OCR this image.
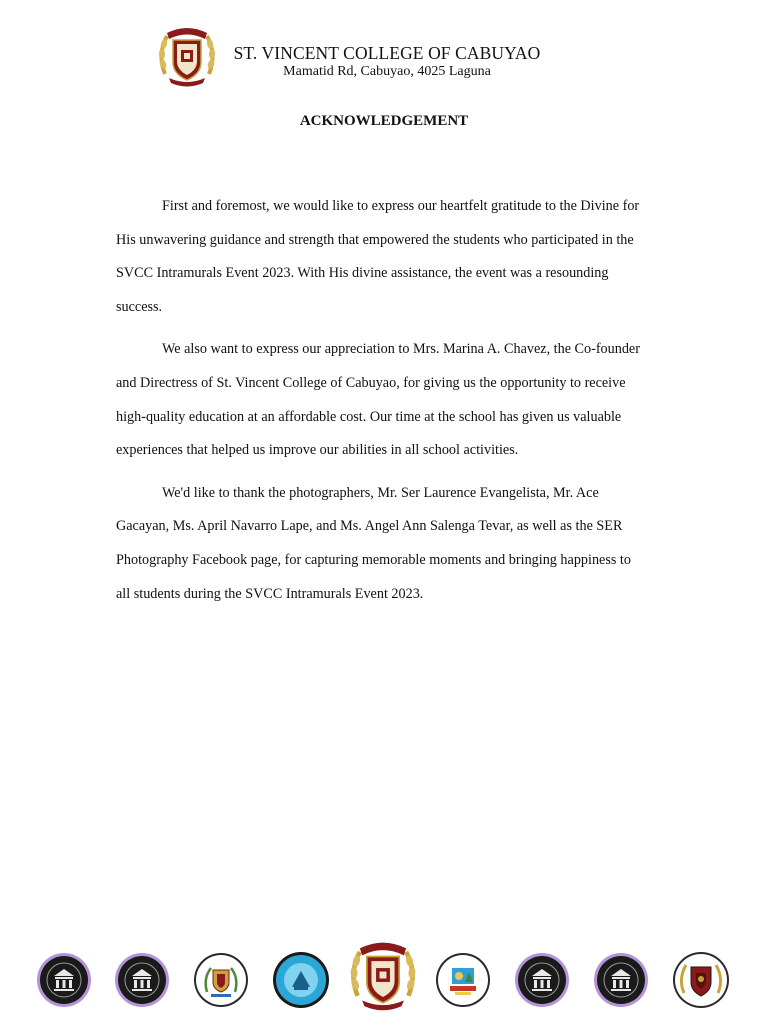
ST. VINCENT COLLEGE OF CABUYAO
Mamatid Rd, Cabuyao, 4025 Laguna
ACKNOWLEDGEMENT

First and foremost, we would like to express our heartfelt gratitude to the Divine for His unwavering guidance and strength that empowered the students who participated in the SVCC Intramurals Event 2023. With His divine assistance, the event was a resounding success.

We also want to express our appreciation to Mrs. Marina A. Chavez, the Co-founder and Directress of St. Vincent College of Cabuyao, for giving us the opportunity to receive high-quality education at an affordable cost. Our time at the school has given us valuable experiences that helped us improve our abilities in all school activities.

We'd like to thank the photographers, Mr. Ser Laurence Evangelista, Mr. Ace Gacayan, Ms. April Navarro Lape, and Ms. Angel Ann Salenga Tevar, as well as the SER Photography Facebook page, for capturing memorable moments and bringing happiness to all students during the SVCC Intramurals Event 2023.
